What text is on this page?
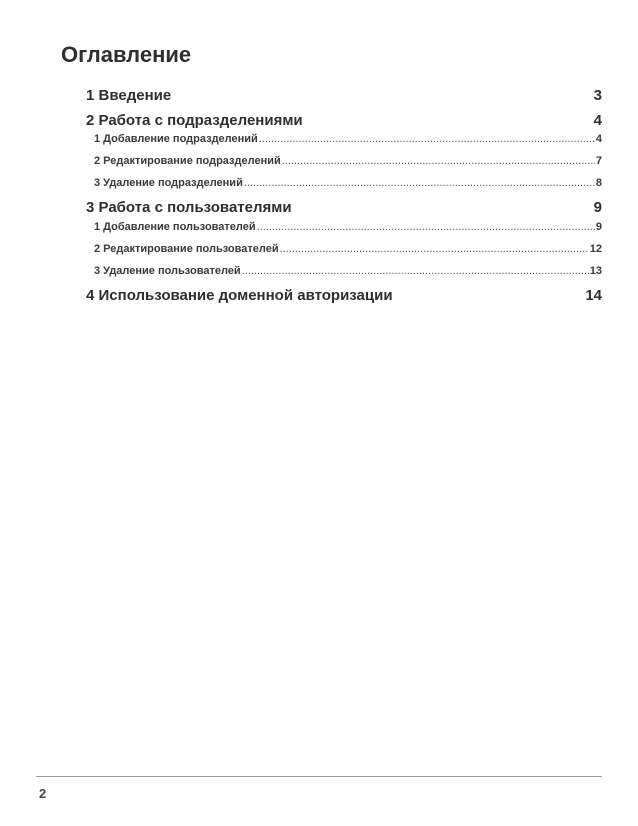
Оглавление
1 Введение	3
2 Работа с подразделениями	4
1 Добавление подразделений .....	4
2 Редактирование подразделений .....	7
3 Удаление подразделений .....	8
3 Работа с пользователями	9
1 Добавление пользователей .....	9
2 Редактирование пользователей .....	12
3 Удаление пользователей .....	13
4 Использование доменной авторизации	14
2
